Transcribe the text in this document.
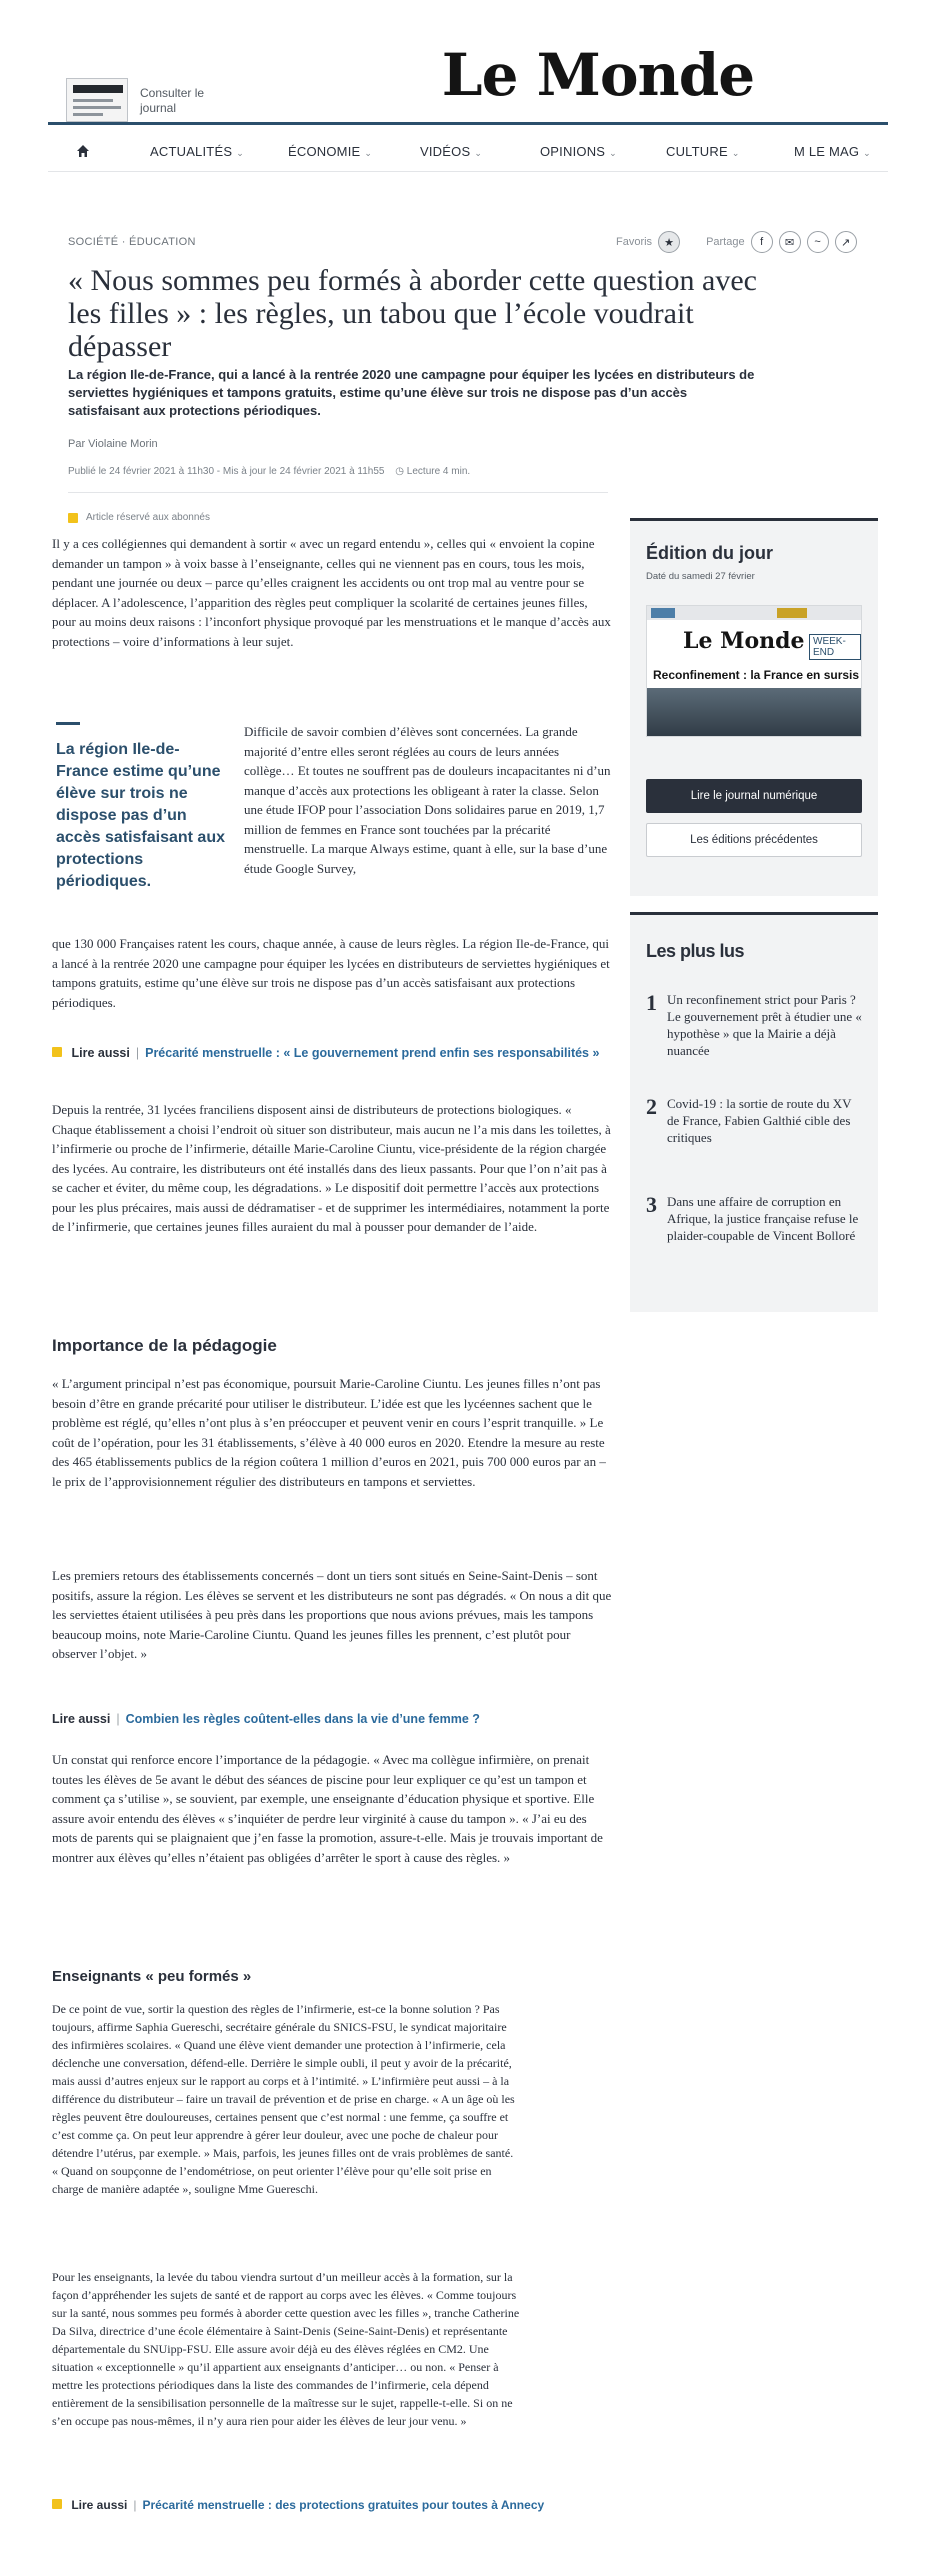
Consulter le journal	Le Monde
ACTUALITÉS ⌄	ÉCONOMIE ⌄	VIDÉOS ⌄	OPINIONS ⌄	CULTURE ⌄	M LE MAG ⌄
SOCIÉTÉ · ÉDUCATION	Favoris	★	Partage	f	✉	~	↗
« Nous sommes peu formés à aborder cette question avec les filles » : les règles, un tabou que l’école voudrait dépasser

La région Ile-de-France, qui a lancé à la rentrée 2020 une campagne pour équiper les lycées en distributeurs de serviettes hygiéniques et tampons gratuits, estime qu’une élève sur trois ne dispose pas d’un accès satisfaisant aux protections périodiques.

Par Violaine Morin
Publié le 24 février 2021 à 11h30 - Mis à jour le 24 février 2021 à 11h55 ◷ Lecture 4 min.
Article réservé aux abonnés

Il y a ces collégiennes qui demandent à sortir « avec un regard entendu », celles qui « envoient la copine demander un tampon » à voix basse à l’enseignante, celles qui ne viennent pas en cours, tous les mois, pendant une journée ou deux – parce qu’elles craignent les accidents ou ont trop mal au ventre pour se déplacer. A l’adolescence, l’apparition des règles peut compliquer la scolarité de certaines jeunes filles, pour au moins deux raisons : l’inconfort physique provoqué par les menstruations et le manque d’accès aux protections – voire d’informations à leur sujet.

La région Ile-de-France estime qu’une élève sur trois ne dispose pas d’un accès satisfaisant aux protections périodiques.

Difficile de savoir combien d’élèves sont concernées. La grande majorité d’entre elles seront réglées au cours de leurs années collège… Et toutes ne souffrent pas de douleurs incapacitantes ni d’un manque d’accès aux protections les obligeant à rater la classe. Selon une étude IFOP pour l’association Dons solidaires parue en 2019, 1,7 million de femmes en France sont touchées par la précarité menstruelle. La marque Always estime, quant à elle, sur la base d’une étude Google Survey,

que 130 000 Françaises ratent les cours, chaque année, à cause de leurs règles. La région Ile-de-France, qui a lancé à la rentrée 2020 une campagne pour équiper les lycées en distributeurs de serviettes hygiéniques et tampons gratuits, estime qu’une élève sur trois ne dispose pas d’un accès satisfaisant aux protections périodiques.

Lire aussi | Précarité menstruelle : « Le gouvernement prend enfin ses responsabilités »

Depuis la rentrée, 31 lycées franciliens disposent ainsi de distributeurs de protections biologiques. « Chaque établissement a choisi l’endroit où situer son distributeur, mais aucun ne l’a mis dans les toilettes, à l’infirmerie ou proche de l’infirmerie, détaille Marie-Caroline Ciuntu, vice-présidente de la région chargée des lycées. Au contraire, les distributeurs ont été installés dans des lieux passants. Pour que l’on n’ait pas à se cacher et éviter, du même coup, les dégradations. » Le dispositif doit permettre l’accès aux protections pour les plus précaires, mais aussi de dédramatiser - et de supprimer les intermédiaires, notamment la porte de l’infirmerie, que certaines jeunes filles auraient du mal à pousser pour demander de l’aide.

Importance de la pédagogie

« L’argument principal n’est pas économique, poursuit Marie-Caroline Ciuntu. Les jeunes filles n’ont pas besoin d’être en grande précarité pour utiliser le distributeur. L’idée est que les lycéennes sachent que le problème est réglé, qu’elles n’ont plus à s’en préoccuper et peuvent venir en cours l’esprit tranquille. » Le coût de l’opération, pour les 31 établissements, s’élève à 40 000 euros en 2020. Etendre la mesure au reste des 465 établissements publics de la région coûtera 1 million d’euros en 2021, puis 700 000 euros par an – le prix de l’approvisionnement régulier des distributeurs en tampons et serviettes.

Les premiers retours des établissements concernés – dont un tiers sont situés en Seine-Saint-Denis – sont positifs, assure la région. Les élèves se servent et les distributeurs ne sont pas dégradés. « On nous a dit que les serviettes étaient utilisées à peu près dans les proportions que nous avions prévues, mais les tampons beaucoup moins, note Marie-Caroline Ciuntu. Quand les jeunes filles les prennent, c’est plutôt pour observer l’objet. »

Lire aussi | Combien les règles coûtent-elles dans la vie d’une femme ?

Un constat qui renforce encore l’importance de la pédagogie. « Avec ma collègue infirmière, on prenait toutes les élèves de 5e avant le début des séances de piscine pour leur expliquer ce qu’est un tampon et comment ça s’utilise », se souvient, par exemple, une enseignante d’éducation physique et sportive. Elle assure avoir entendu des élèves « s’inquiéter de perdre leur virginité à cause du tampon ». « J’ai eu des mots de parents qui se plaignaient que j’en fasse la promotion, assure-t-elle. Mais je trouvais important de montrer aux élèves qu’elles n’étaient pas obligées d’arrêter le sport à cause des règles. »

Enseignants « peu formés »

De ce point de vue, sortir la question des règles de l’infirmerie, est-ce la bonne solution ? Pas toujours, affirme Saphia Guereschi, secrétaire générale du SNICS-FSU, le syndicat majoritaire des infirmières scolaires. « Quand une élève vient demander une protection à l’infirmerie, cela déclenche une conversation, défend-elle. Derrière le simple oubli, il peut y avoir de la précarité, mais aussi d’autres enjeux sur le rapport au corps et à l’intimité. » L’infirmière peut aussi – à la différence du distributeur – faire un travail de prévention et de prise en charge. « A un âge où les règles peuvent être douloureuses, certaines pensent que c’est normal : une femme, ça souffre et c’est comme ça. On peut leur apprendre à gérer leur douleur, avec une poche de chaleur pour détendre l’utérus, par exemple. » Mais, parfois, les jeunes filles ont de vrais problèmes de santé. « Quand on soupçonne de l’endométriose, on peut orienter l’élève pour qu’elle soit prise en charge de manière adaptée », souligne Mme Guereschi.

Pour les enseignants, la levée du tabou viendra surtout d’un meilleur accès à la formation, sur la façon d’appréhender les sujets de santé et de rapport au corps avec les élèves. « Comme toujours sur la santé, nous sommes peu formés à aborder cette question avec les filles », tranche Catherine Da Silva, directrice d’une école élémentaire à Saint-Denis (Seine-Saint-Denis) et représentante départementale du SNUipp-FSU. Elle assure avoir déjà eu des élèves réglées en CM2. Une situation « exceptionnelle » qu’il appartient aux enseignants d’anticiper… ou non. « Penser à mettre les protections périodiques dans la liste des commandes de l’infirmerie, cela dépend entièrement de la sensibilisation personnelle de la maîtresse sur le sujet, rappelle-t-elle. Si on ne s’en occupe pas nous-mêmes, il n’y aura rien pour aider les élèves de leur jour venu. »

Lire aussi | Précarité menstruelle : des protections gratuites pour toutes à Annecy
Édition du jour
Daté du samedi 27 février
Le Monde WEEK-END
Reconfinement : la France en sursis
Lire le journal numérique
Les éditions précédentes
Les plus lus
1 Un reconfinement strict pour Paris ? Le gouvernement prêt à étudier une « hypothèse » que la Mairie a déjà nuancée
2 Covid-19 : la sortie de route du XV de France, Fabien Galthié cible des critiques
3 Dans une affaire de corruption en Afrique, la justice française refuse le plaider-coupable de Vincent Bolloré
